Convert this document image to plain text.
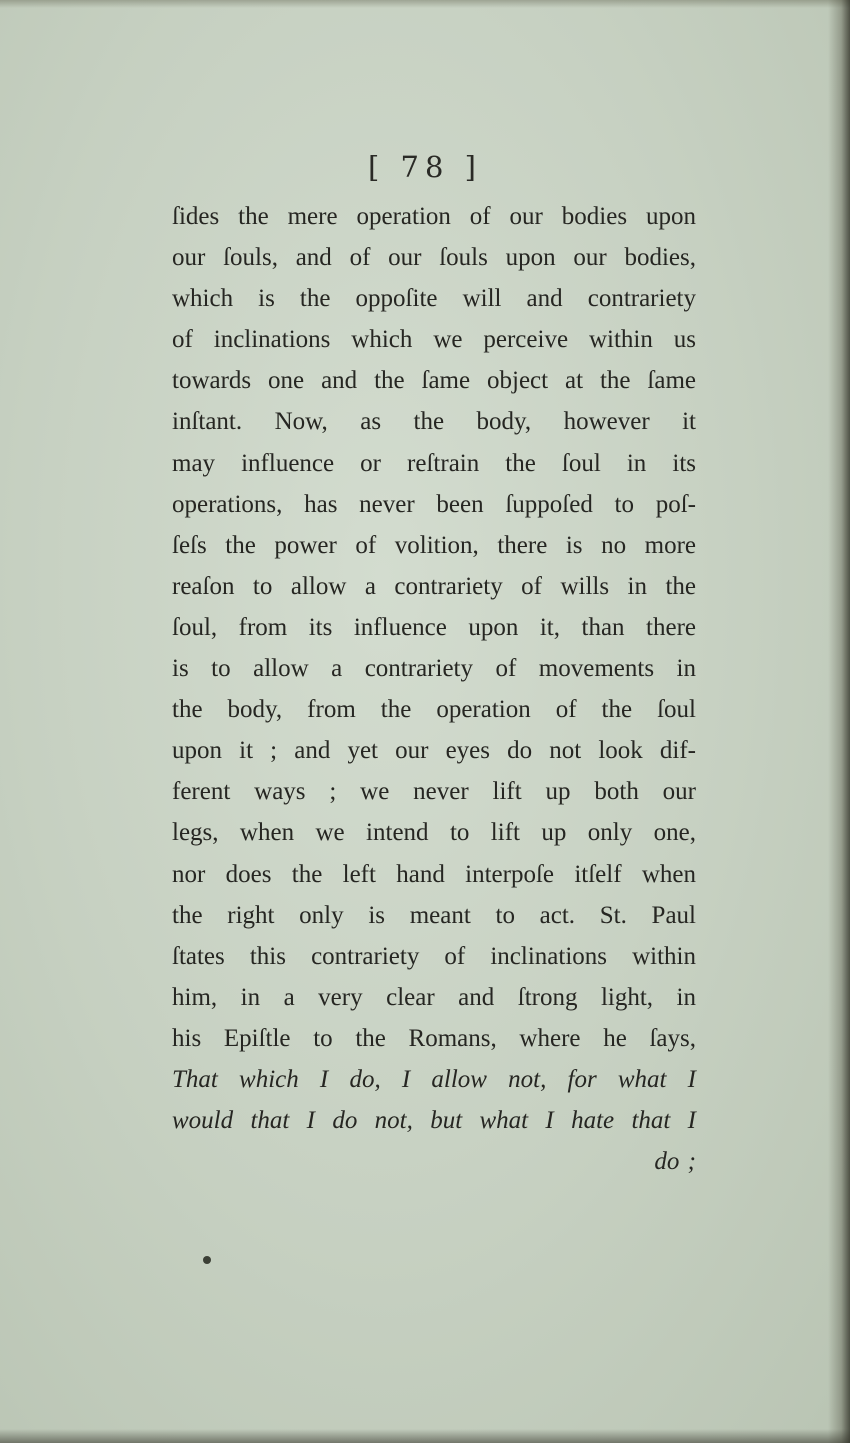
[ 78 ]
ſides the mere operation of our bodies upon
our ſouls, and of our ſouls upon our bodies,
which is the oppoſite will and contrariety
of inclinations which we perceive within us
towards one and the ſame object at the ſame
inſtant. Now, as the body, however it
may influence or reſtrain the ſoul in its
operations, has never been ſuppoſed to poſ-
ſeſs the power of volition, there is no more
reaſon to allow a contrariety of wills in the
ſoul, from its influence upon it, than there
is to allow a contrariety of movements in
the body, from the operation of the ſoul
upon it ; and yet our eyes do not look dif-
ferent ways ; we never lift up both our
legs, when we intend to lift up only one,
nor does the left hand interpoſe itſelf when
the right only is meant to act. St. Paul
ſtates this contrariety of inclinations within
him, in a very clear and ſtrong light, in
his Epiſtle to the Romans, where he ſays,
That which I do, I allow not, for what I
would that I do not, but what I hate that I
do ;
